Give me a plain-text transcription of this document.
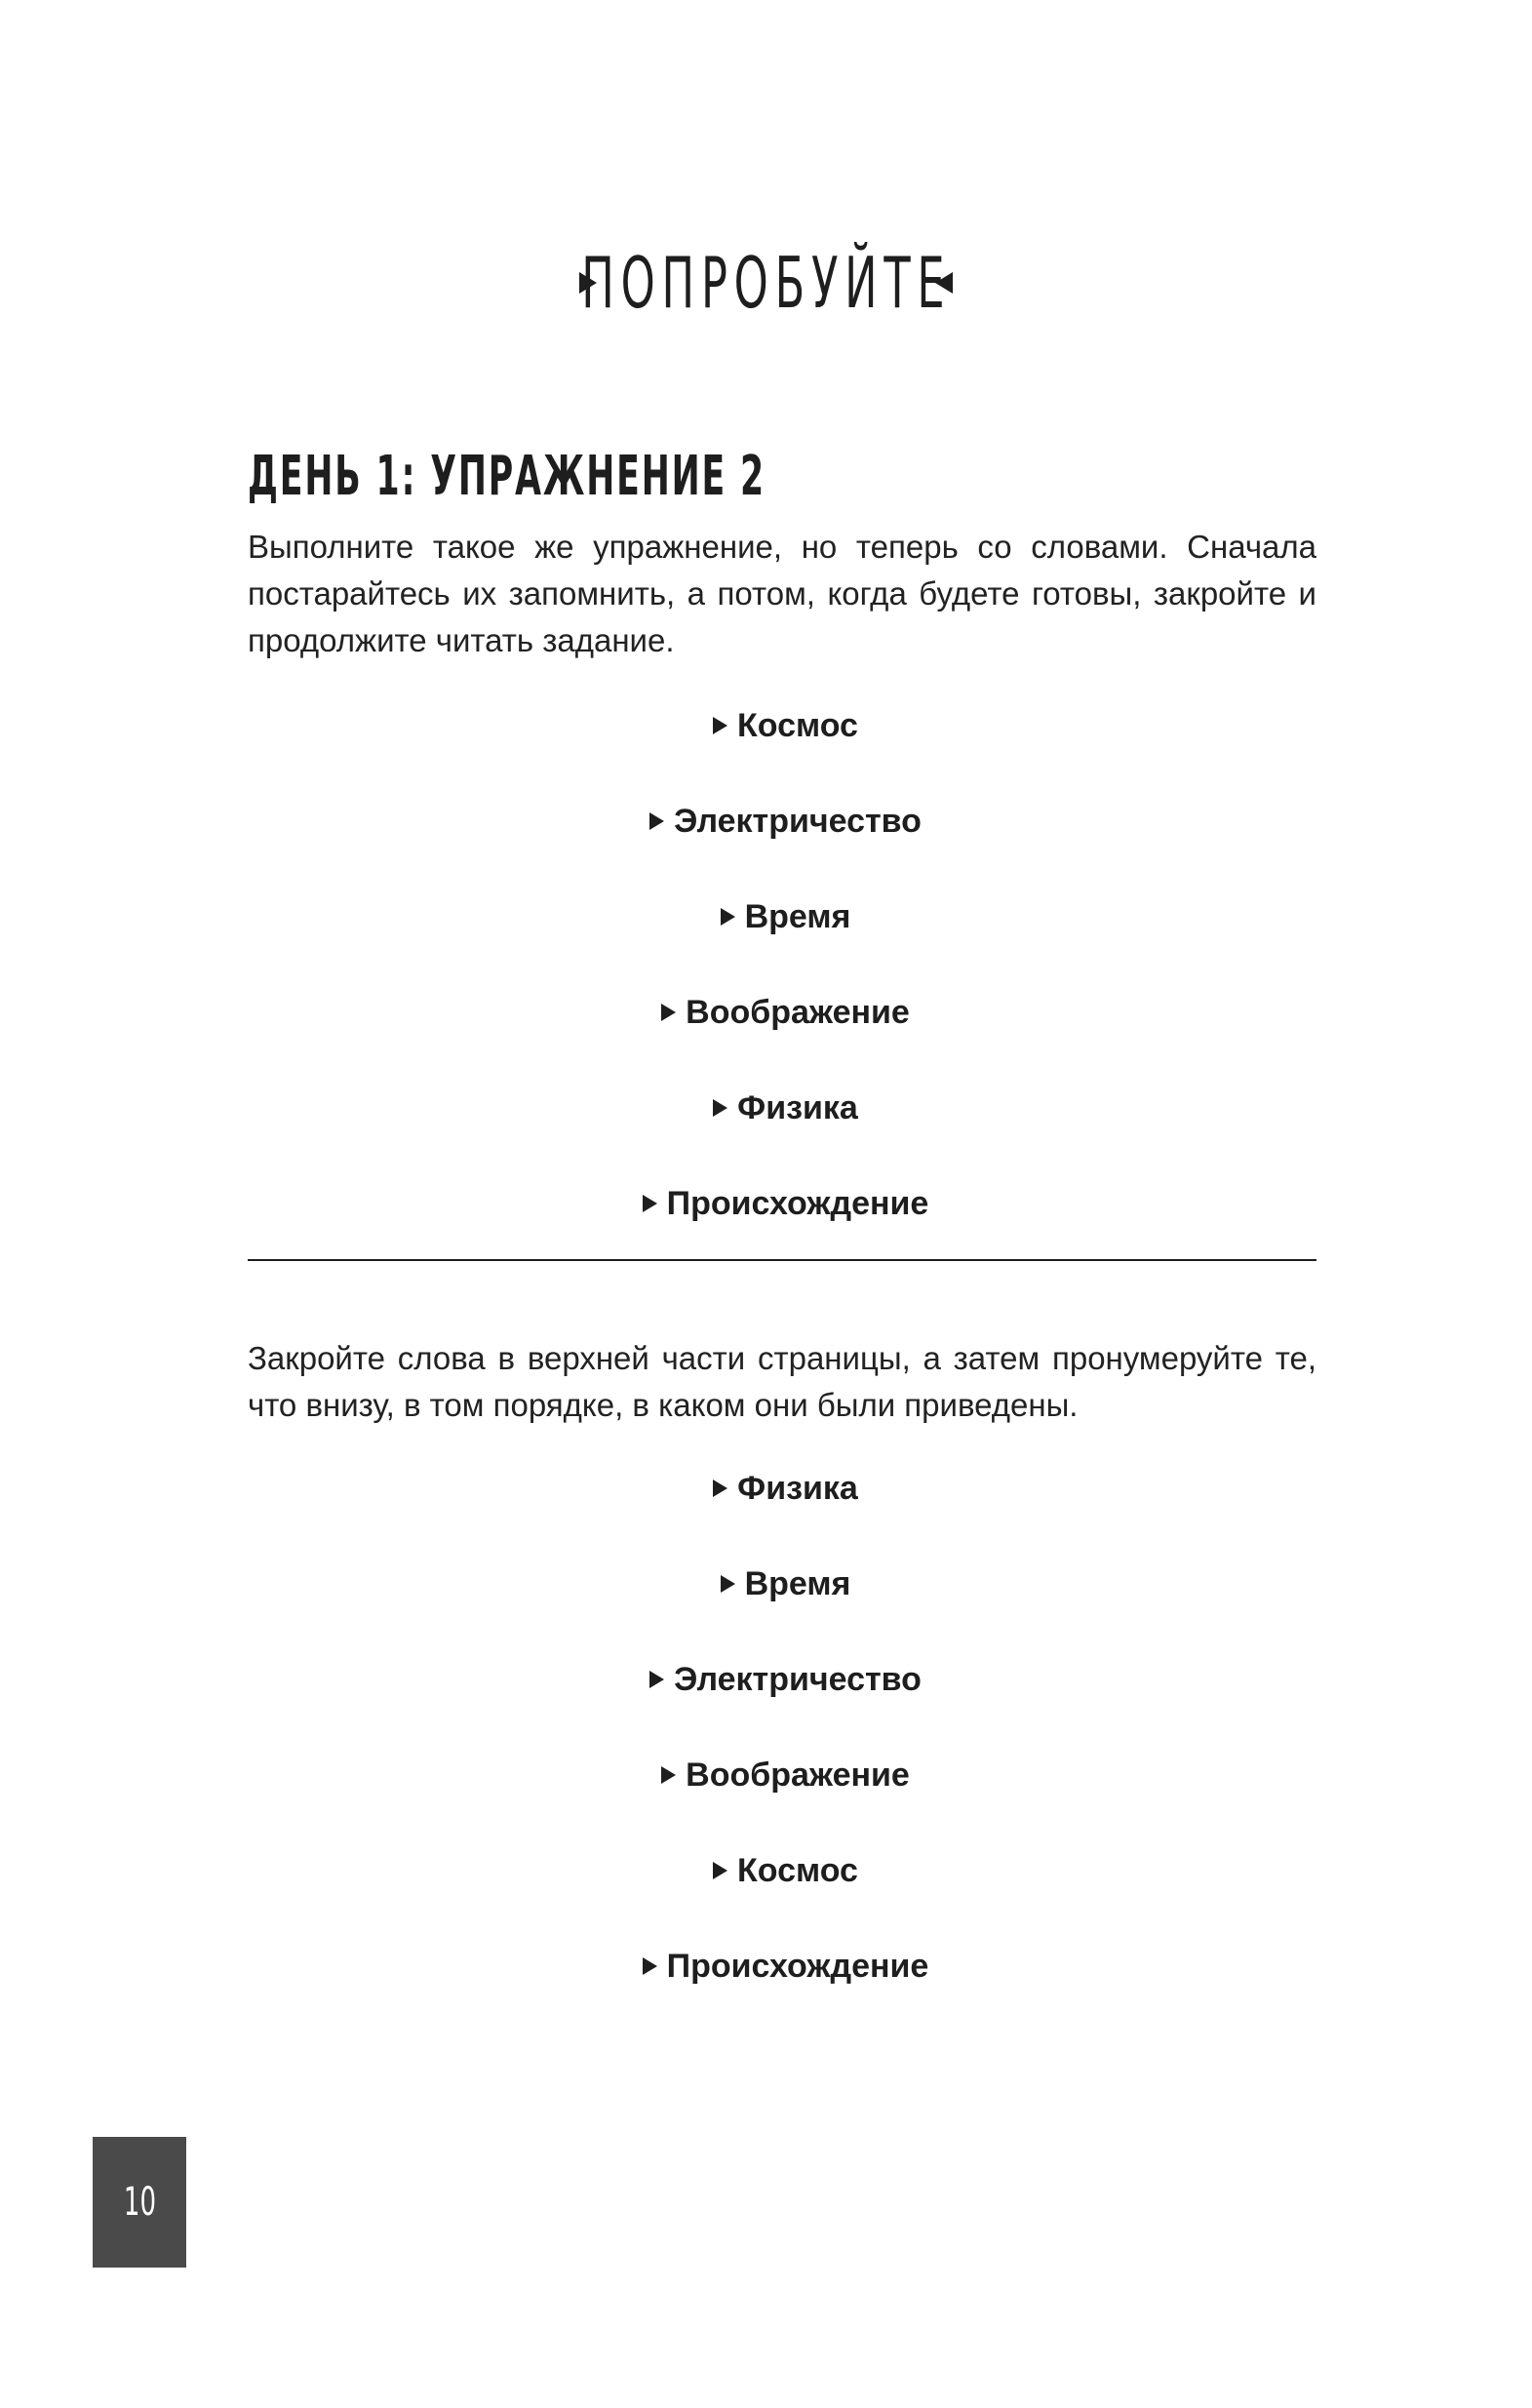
ПОПРОБУЙТЕ
ДЕНЬ 1: УПРАЖНЕНИЕ 2

Выполните такое же упражнение, но теперь со словами. Сначала постарайтесь их запомнить, а потом, когда будете готовы, закройте и продолжите читать задание.

Космос
Электричество
Время
Воображение
Физика
Происхождение

Закройте слова в верхней части страницы, а затем пронумеруйте те, что внизу, в том порядке, в каком они были приведены.

Физика
Время
Электричество
Воображение
Космос
Происхождение
10
